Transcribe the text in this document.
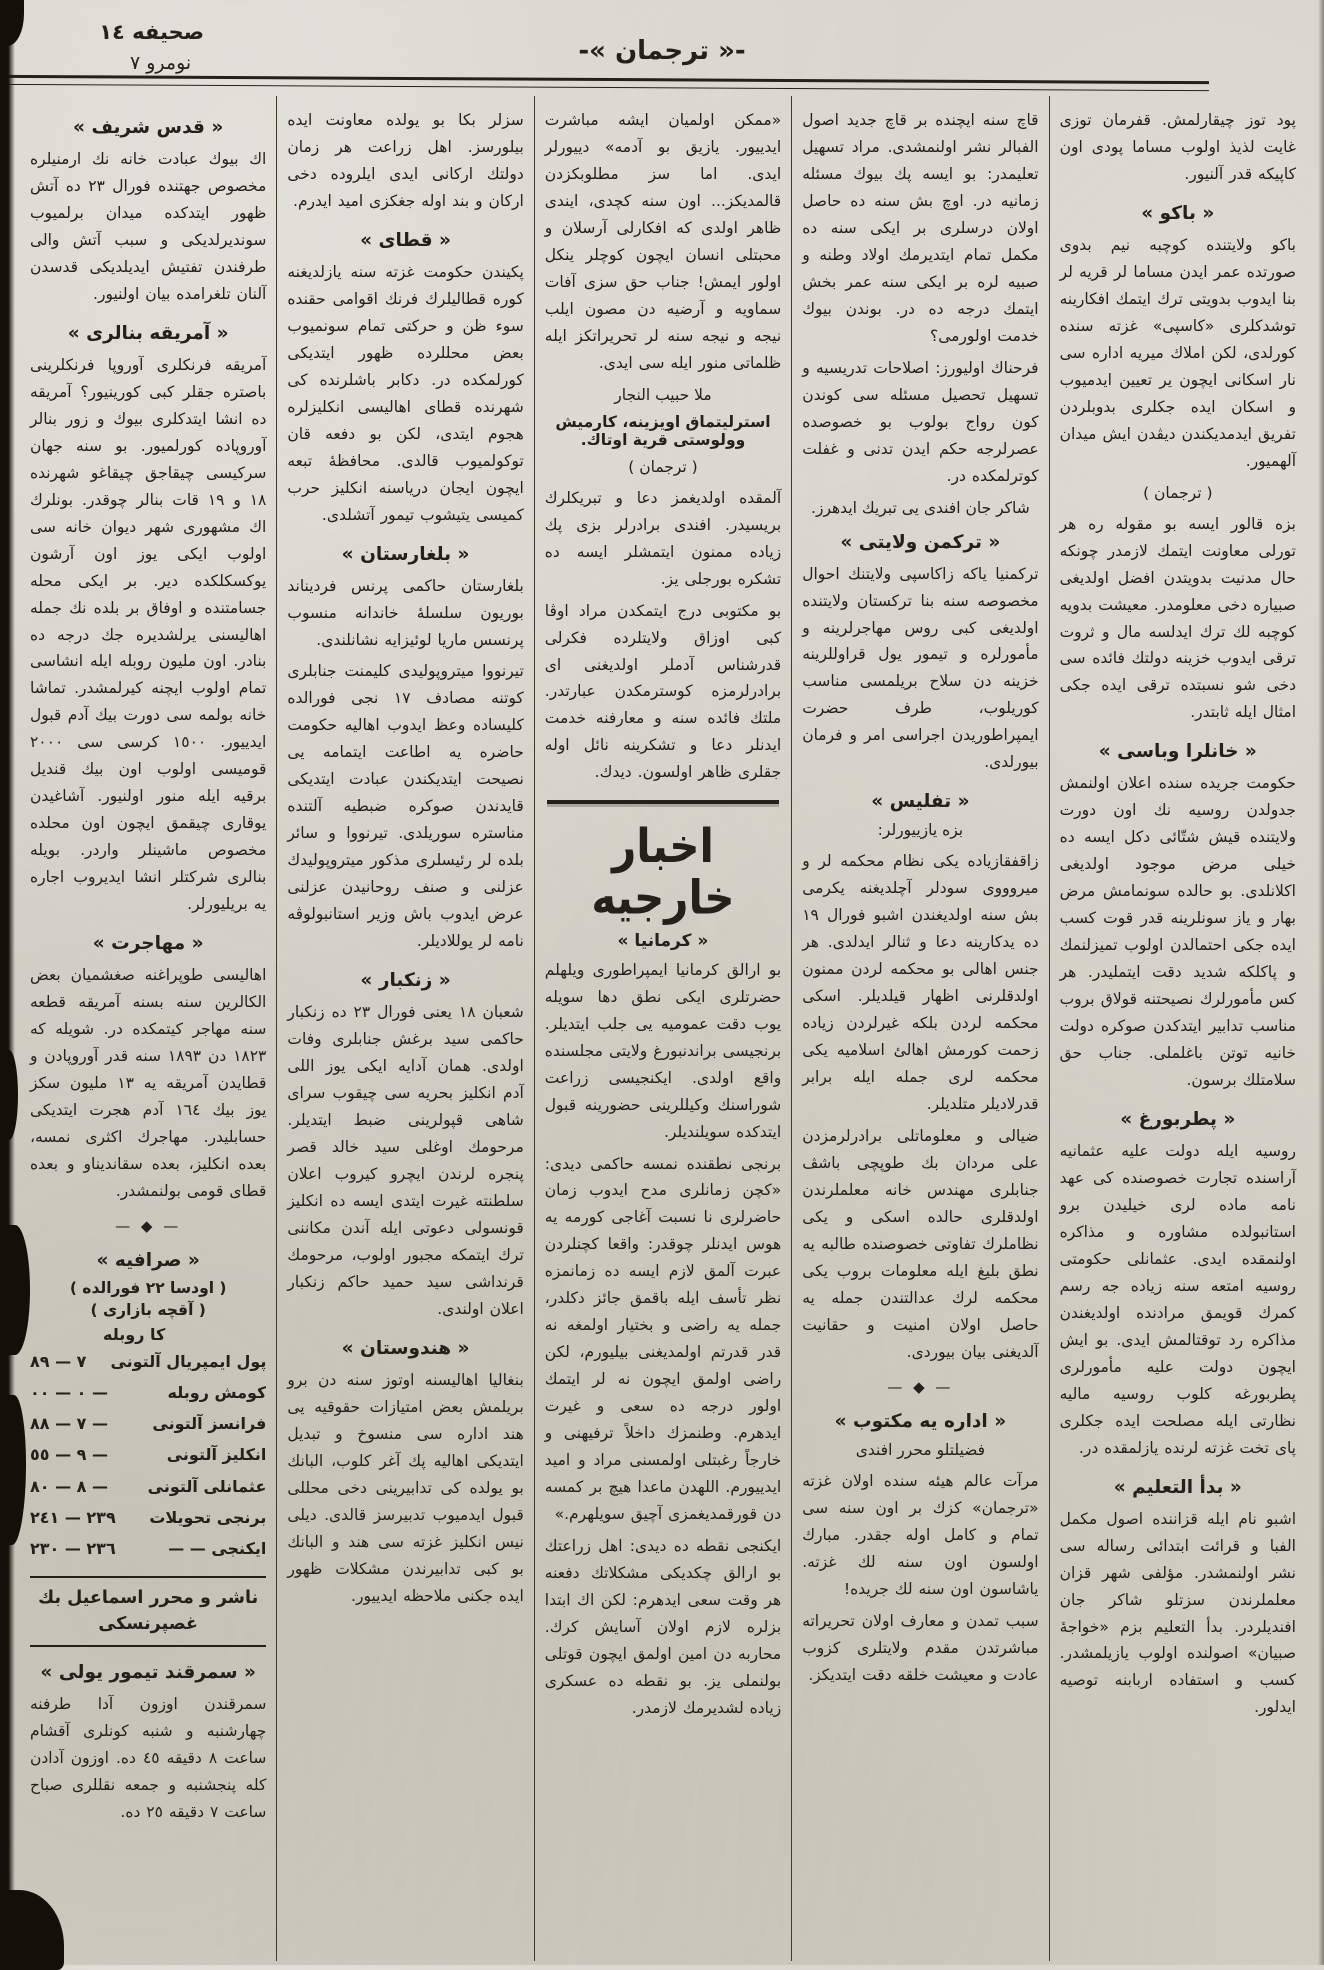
صحيفه ١٤
-« ترجمان »-
نومرو ٧
پود توز چيقارلمش. قفرمان توزى غايت لذيذ اولوب مساما پودى اون كاپيكه قدر آلنيور.
« باكو »
باكو ولايتنده كوچبه نيم بدوى صورتده عمر ايدن مساما لر قريه لر بنا ايدوب بدويتى ترك ايتمك افكارينه توشدكلرى «كاسپى» غزته سنده كورلدى، لكن املاك ميريه اداره سى نار اسكانى ايچون ير تعيين ايدميوب و اسكان ايده جكلرى بدوبلردن تفريق ايدمديكندن ديڤدن ايش ميدان آلهميور.
( ترجمان )
بزه قالور ايسه بو مقوله ره هر تورلى معاونت ايتمك لازمدر چونكه حال مدنيت بدويتدن افضل اولديغى صبياره دخى معلومدر. معيشت بدويه كوچبه لك ترك ايدلسه مال و ثروت ترقى ايدوب خزينه دولتك فائده سى دخى شو نسبتده ترقى ايده جكى امثال ايله ثابتدر.
« خانلرا وباسى »
حكومت جريده سنده اعلان اولنمش جدولدن روسيه نك اون دورت ولايتنده قيش شتّائى دكل ايسه ده خيلى مرض موجود اولديغى اكلانلدى. بو حالده سونمامش مرض بهار و ياز سونلرينه قدر قوت كسب ايده جكى احتمالدن اولوب تميزلنمك و پاكلكه شديد دقت ايتمليدر. هر كس مأمورلرك نصيحتنه قولاق بروب مناسب تدابير ايتدكدن صوكره دولت خانيه توتن باغلملى. جناب حق سلامتلك برسون.
« پطربورغ »
روسيه ايله دولت عليه عثمانيه آراسنده تجارت خصوصنده كى عهد نامه ماده لرى خيليدن برو استانبولده مشاوره و مذاكره اولنمقده ايدى. عثمانلى حكومتى روسيه امتعه سنه زياده جه رسم كمرك قويمق مرادنده اولديغندن مذاكره رد توقتالمش ايدى. بو ايش ايچون دولت عليه مأمورلرى پطربورغه كلوب روسيه ماليه نظارتى ايله مصلحت ايده جكلرى پاى تخت غزته لرنده يازلمقده در.
« بدأ التعليم »
اشبو نام ايله قزاننده اصول مكمل الفبا و قرائت ابتدائى رساله سى نشر اولنمشدر. مؤلفى شهر قزان معلملرندن سزتلو شاكر جان افنديلردر. بدأ التعليم بزم «خواجهٔ صبيان» اصولنده اولوب يازيلمشدر. كسب و استفاده اربابنه توصيه ايدلور.
قاچ سنه ايچنده بر قاچ جديد اصول الفبالر نشر اولنمشدى. مراد تسهيل تعليمدر: بو ايسه پك بيوك مسئله زمانيه در. اوچ بش سنه ده حاصل اولان درسلرى بر ايكى سنه ده مكمل تمام ايتديرمك اولاد وطنه و صبيه لره بر ايكى سنه عمر بخش ايتمك درجه ده در. بوندن بيوك خدمت اولورمى؟
فرحناك اوليورز: اصلاحات تدريسيه و تسهيل تحصيل مسئله سى كوندن كون رواج بولوب بو خصوصده عصرلرجه حكم ايدن تدنى و غفلت كوترلمكده در.
شاكر جان افندى يى تبريك ايدهرز.
« تركمن ولايتى »
تركمنيا ياكه زاكاسپى ولايتنك احوال مخصوصه سنه بنا تركستان ولايتنده اولديغى كبى روس مهاجرلرينه و مأمورلره و تيمور يول قراوللرينه خزينه دن سلاح بريلمسى مناسب كوريلوب، طرف حضرت ايمپراطوريدن اجراسى امر و فرمان بيورلدى.
« تفليس »
بزه يازييورلر:
زاقفقازياده يكى نظام محكمه لر و ميروووى سودلر آچلديغنه يكرمى بش سنه اولديغندن اشبو فورال ١٩ ده يدكارينه دعا و ثنالر ايدلدى. هر جنس اهالى بو محكمه لردن ممنون اولدقلرنى اظهار قيلديلر. اسكى محكمه لردن بلكه غيرلردن زياده زحمت كورمش اهالئ اسلاميه يكى محكمه لرى جمله ايله برابر قدرلاديلر متلديلر.
ضيالى و معلوماتلى برادرلرمزدن على مردان بك طوپچى باشڤ جنابلرى مهندس خانه معلملرندن اولدقلرى حالده اسكى و يكى نظاملرك تفاوتى خصوصنده طالبه يه نطق بليغ ايله معلومات بروب يكى محكمه لرك عدالتندن جمله يه حاصل اولان امنيت و حقانيت آلديغنى بيان بيوردى.
— ◆ —
« اداره يه مكتوب »
فضيلتلو محرر افندى
مرآت عالم هيئه سنده اولان غزته «ترجمان» كزك بر اون سنه سى تمام و كامل اوله جقدر. مبارك اولسون اون سنه لك غزته. ياشاسون اون سنه لك جريده!
سبب تمدن و معارف اولان تحريراته مباشرتدن مقدم ولايتلرى كزوب عادت و معيشت خلقه دقت ايتديكز.
«ممكن اولميان ايشه مباشرت ايدييور. يازيق بو آدمه» دييورلر ايدى. اما سز مطلوبكزدن قالمديكز... اون سنه كچدى، ايندى ظاهر اولدى كه افكارلى آرسلان و محبتلى انسان ايچون كوچلر ينكل اولور ايمش! جناب حق سزى آفات سماويه و آرضيه دن مصون ايلب نيجه و نيجه سنه لر تحريراتكز ايله ظلماتى منور ايله سى ايدى.
ملا حبيب النجار
استرليتماق اويزينه، كارميش وولوستى قرية اوتاك.
( ترجمان )
آلمقده اولديغمز دعا و تبريكلرك بريسيدر. افندى برادرلر بزى پك زياده ممنون ايتمشلر ايسه ده تشكره بورجلى يز.
بو مكتوبى درج ايتمكدن مراد اوڤا كبى اوزاق ولايتلرده فكرلى قدرشناس آدملر اولديغنى اى برادرلرمزه كوسترمكدن عبارتدر. ملتك فائده سنه و معارفنه خدمت ايدنلر دعا و تشكرينه نائل اوله جقلرى ظاهر اولسون. ديدك.
اخبار خارجيه
« كرمانيا »
بو ارالق كرمانيا ايمپراطورى ويلهلم حضرتلرى ايكى نطق دها سويله يوب دقت عموميه يى جلب ايتديلر. برنجيسى براندنبورغ ولايتى مجلسنده واقع اولدى. ايكنجيسى زراعت شوراسنك وكيللرينى حضورينه قبول ايتدكده سويلنديلر.
برنجى نطقنده نمسه حاكمى ديدى: «كچن زمانلرى مدح ايدوب زمان حاضرلرى نا نسبت آغاجى كورمه يه هوس ايدنلر چوقدر: واقعا كچنلردن عبرت آلمق لازم ايسه ده زمانمزه نظر تأسف ايله باقمق جائز دكلدر، جمله يه راضى و بختيار اولمغه نه قدر قدرتم اولمديغنى بيليورم، لكن راضى اولمق ايچون نه لر ايتمك اولور درجه ده سعى و غيرت ايدهرم. وطنمزك داخلاً ترفيهنى و خارجاً رغبتلى اولمسنى مراد و اميد ايدييورم. اللهدن ماعدا هيچ بر كمسه دن قورقمديغمزى آچيق سويلهرم.»
ايكنجى نقطه ده ديدى: اهل زراعتك بو ارالق چكديكى مشكلاتك دفعنه هر وقت سعى ايدهرم: لكن اك ابتدا بزلره لازم اولان آسايش كرك. محاربه دن امين اولمق ايچون قوتلى بولنملى يز. بو نقطه ده عسكرى زياده لشديرمك لازمدر.
سزلر بكا بو يولده معاونت ايده بيلورسز. اهل زراعت هر زمان دولتك اركانى ايدى ايلروده دخى اركان و بند اوله جغكزى اميد ايدرم.
« قطاى »
پكيندن حكومت غزته سنه يازلديغنه كوره قطاليلرك فرنك اقوامى حقنده سوء ظن و حركتى تمام سونميوب بعض محللرده ظهور ايتديكى كورلمكده در. دكابر باشلرنده كى شهرنده قطاى اهاليسى انكليزلره هجوم ايتدى، لكن بو دفعه قان توكولميوب قالدى. محافظهٔ تبعه ايچون ايجان درياسنه انكليز حرب كميسى يتيشوب تيمور آتشلدى.
« بلغارستان »
بلغارستان حاكمى پرنس فرديناند بوريون سلسلهٔ خاندانه منسوب پرنسس ماريا لوئيزايه نشانلندى.
تيرنووا ميتروپوليدى كليمنت جنابلرى كوتنه مصادف ١٧ نجى فورالده كليساده وعظ ايدوب اهاليه حكومت حاضره يه اطاعت ايتمامه يى نصيحت ايتديكندن عبادت ايتديكى قايدندن صوكره ضبطيه آلتنده مناستره سوريلدى. تيرنووا و سائر بلده لر رئيسلرى مذكور ميتروپوليدك عزلنى و صنف روحانيدن عزلنى عرض ايدوب باش وزير استانبولوڤه نامه لر يوللاديلر.
« زنكبار »
شعبان ١٨ يعنى فورال ٢٣ ده زنكبار حاكمى سيد برغش جنابلرى وفات اولدى. همان آدايه ايكى يوز اللى آدم انكليز بحريه سى چيقوب سراى شاهى قپولرينى ضبط ايتديلر. مرحومك اوغلى سيد خالد قصر پنجره لرندن ايچرو كيروب اعلان سلطنته غيرت ايتدى ايسه ده انكليز قونسولى دعوتى ايله آندن مكاننى ترك ايتمكه مجبور اولوب، مرحومك قرنداشى سيد حميد حاكم زنكبار اعلان اولندى.
« هندوستان »
بنغاليا اهاليسنه اوتوز سنه دن برو بريلمش بعض امتيازات حقوقيه يى هند اداره سى منسوخ و تبديل ايتديكى اهاليه پك آغر كلوب، البانك بو يولده كى تدابيرينى دخى محللى قبول ايدميوب تدبيرسز قالدى. ديلى نيس انكليز غزته سى هند و البانك بو كبى تدابيرندن مشكلات ظهور ايده جكنى ملاحظه ايدييور.
« قدس شريف »
اك بيوك عبادت خانه نك ارمنيلره مخصوص جهتنده فورال ٢٣ ده آتش ظهور ايتدكده ميدان برلميوب سونديرلديكى و سبب آتش والى طرفندن تفتيش ايديلديكى قدسدن آلنان تلغرامده بيان اولنيور.
« آمريقه بنالرى »
آمريقه فرنكلرى آوروپا فرنكلرينى باصتره جقلر كبى كورينيور؟ آمريقه ده انشا ايتدكلرى بيوك و زور بنالر آوروپاده كورلميور. بو سنه جهان سركيسى چيقاجق چيقاغو شهرنده ١٨ و ١٩ قات بنالر چوقدر. بونلرك اك مشهورى شهر ديوان خانه سى اولوب ايكى يوز اون آرشون يوكسكلكده دير. بر ايكى محله جسامتنده و اوفاق بر بلده نك جمله اهاليسنى يرلشديره جك درجه ده بنادر. اون مليون روبله ايله انشاسى تمام اولوب ايچنه كيرلمشدر. تماشا خانه بولمه سى دورت بيك آدم قبول ايدييور. ١٥٠٠ كرسى سى ٢٠٠٠ قوميسى اولوب اون بيك قنديل برقيه ايله منور اولنيور. آشاغيدن يوقارى چيقمق ايچون اون محلده مخصوص ماشينلر واردر. بويله بنالرى شركتلر انشا ايديروب اجاره يه بريليورلر.
« مهاجرت »
اهاليسى طوپراغنه صغشميان بعض الكالرين سنه بسنه آمريقه قطعه سنه مهاجر كيتمكده در. شويله كه ١٨٢٣ دن ١٨٩٣ سنه قدر آوروپادن و قطايدن آمريقه يه ١٣ مليون سكز يوز بيك ١٦٤ آدم هجرت ايتديكى حسابليدر. مهاجرك اكثرى نمسه، بعده انكليز، بعده سقانديناو و بعده قطاى قومى بولنمشدر.
— ◆ —
« صرافيه »
( اودسا ٢٢ فورالده )
( آقچه بازارى )
كا روبله
پول ايمپريال آلتونى
٧ — ٨٩
كومش روبله
— ٠ — ٠٠
فرانسز آلتونى
— ٧ — ٨٨
انكليز آلتونى
— ٩ — ٥٥
عثمانلى آلتونى
— ٨ — ٨٠
برنجى تحويلات
٢٣٩ — ٢٤١
ايكنجى — —
٢٣٦ — ٢٣٠
ناشر و محرر اسماعيل بك غصپرنسكى
« سمرقند تيمور يولى »
سمرقندن اوزون آدا طرفنه چهارشنبه و شنبه كونلرى آقشام ساعت ٨ دقيقه ٤٥ ده. اوزون آدادن كله پنجشنبه و جمعه نقللرى صباح ساعت ٧ دقيقه ٢٥ ده.
